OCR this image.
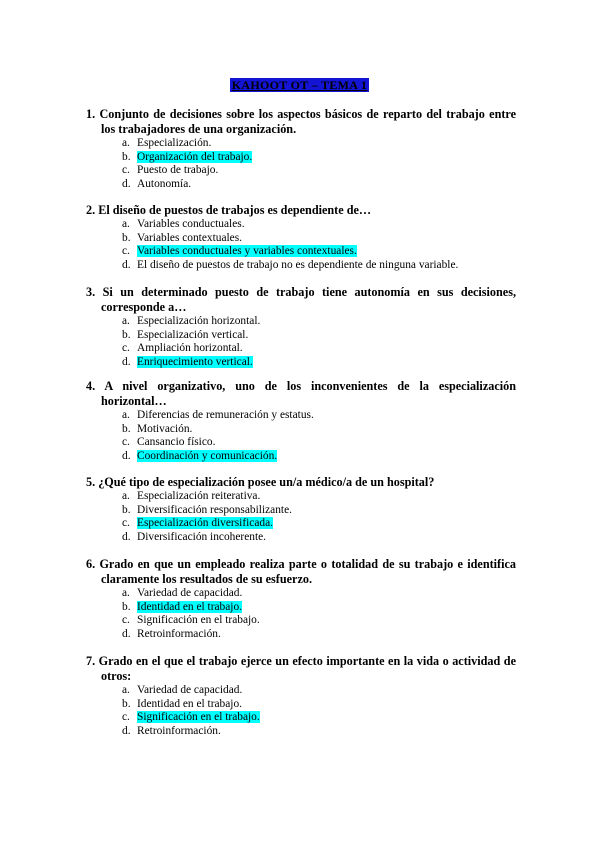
KAHOOT OT – TEMA 1
1. Conjunto de decisiones sobre los aspectos básicos de reparto del trabajo entre los trabajadores de una organización.
a. Especialización.
b. Organización del trabajo.
c. Puesto de trabajo.
d. Autonomía.
2. El diseño de puestos de trabajos es dependiente de…
a. Variables conductuales.
b. Variables contextuales.
c. Variables conductuales y variables contextuales.
d. El diseño de puestos de trabajo no es dependiente de ninguna variable.
3. Si un determinado puesto de trabajo tiene autonomía en sus decisiones, corresponde a…
a. Especialización horizontal.
b. Especialización vertical.
c. Ampliación horizontal.
d. Enriquecimiento vertical.
4. A nivel organizativo, uno de los inconvenientes de la especialización horizontal…
a. Diferencias de remuneración y estatus.
b. Motivación.
c. Cansancio físico.
d. Coordinación y comunicación.
5. ¿Qué tipo de especialización posee un/a médico/a de un hospital?
a. Especialización reiterativa.
b. Diversificación responsabilizante.
c. Especialización diversificada.
d. Diversificación incoherente.
6. Grado en que un empleado realiza parte o totalidad de su trabajo e identifica claramente los resultados de su esfuerzo.
a. Variedad de capacidad.
b. Identidad en el trabajo.
c. Significación en el trabajo.
d. Retroinformación.
7. Grado en el que el trabajo ejerce un efecto importante en la vida o actividad de otros:
a. Variedad de capacidad.
b. Identidad en el trabajo.
c. Significación en el trabajo.
d. Retroinformación.
